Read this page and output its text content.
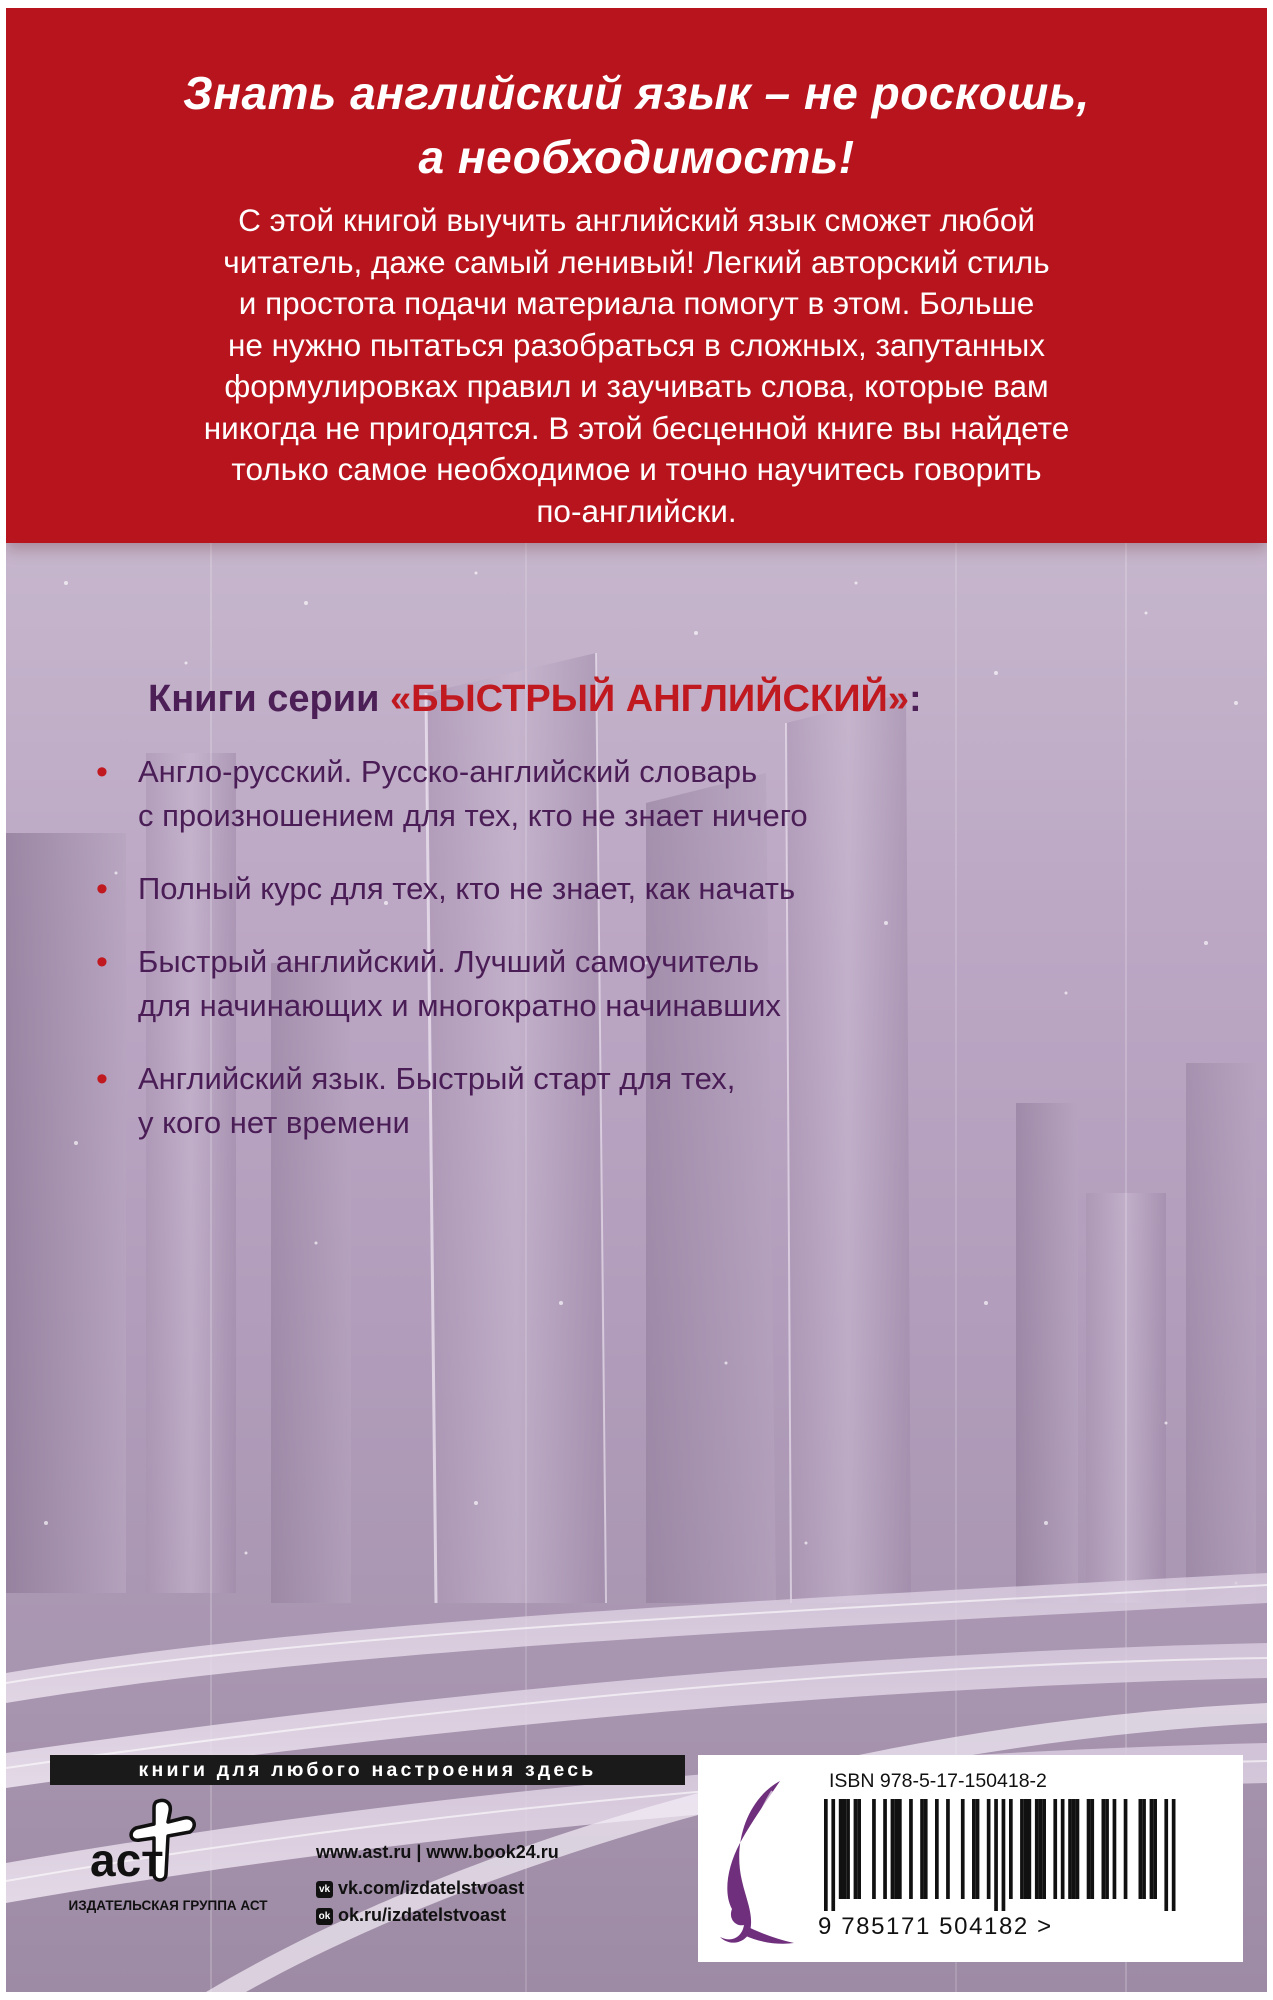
Знать английский язык – не роскошь,
а необходимость!
С этой книгой выучить английский язык сможет любой
читатель, даже самый ленивый! Легкий авторский стиль
и простота подачи материала помогут в этом. Больше
не нужно пытаться разобраться в сложных, запутанных
формулировках правил и заучивать слова, которые вам
никогда не пригодятся. В этой бесценной книге вы найдете
только самое необходимое и точно научитесь говорить
по-английски.
Книги серии «БЫСТРЫЙ АНГЛИЙСКИЙ»:
• Англо-русский. Русско-английский словарь
с произношением для тех, кто не знает ничего
• Полный курс для тех, кто не знает, как начать
• Быстрый английский. Лучший самоучитель
для начинающих и многократно начинавших
• Английский язык. Быстрый старт для тех,
у кого нет времени
книги для любого настроения здесь
аст
ИЗДАТЕЛЬСКАЯ ГРУППА АСТ
www.ast.ru | www.book24.ru
vk vk.com/izdatelstvoast
ok ok.ru/izdatelstvoast
ISBN 978-5-17-150418-2
9 785171 504182 >
